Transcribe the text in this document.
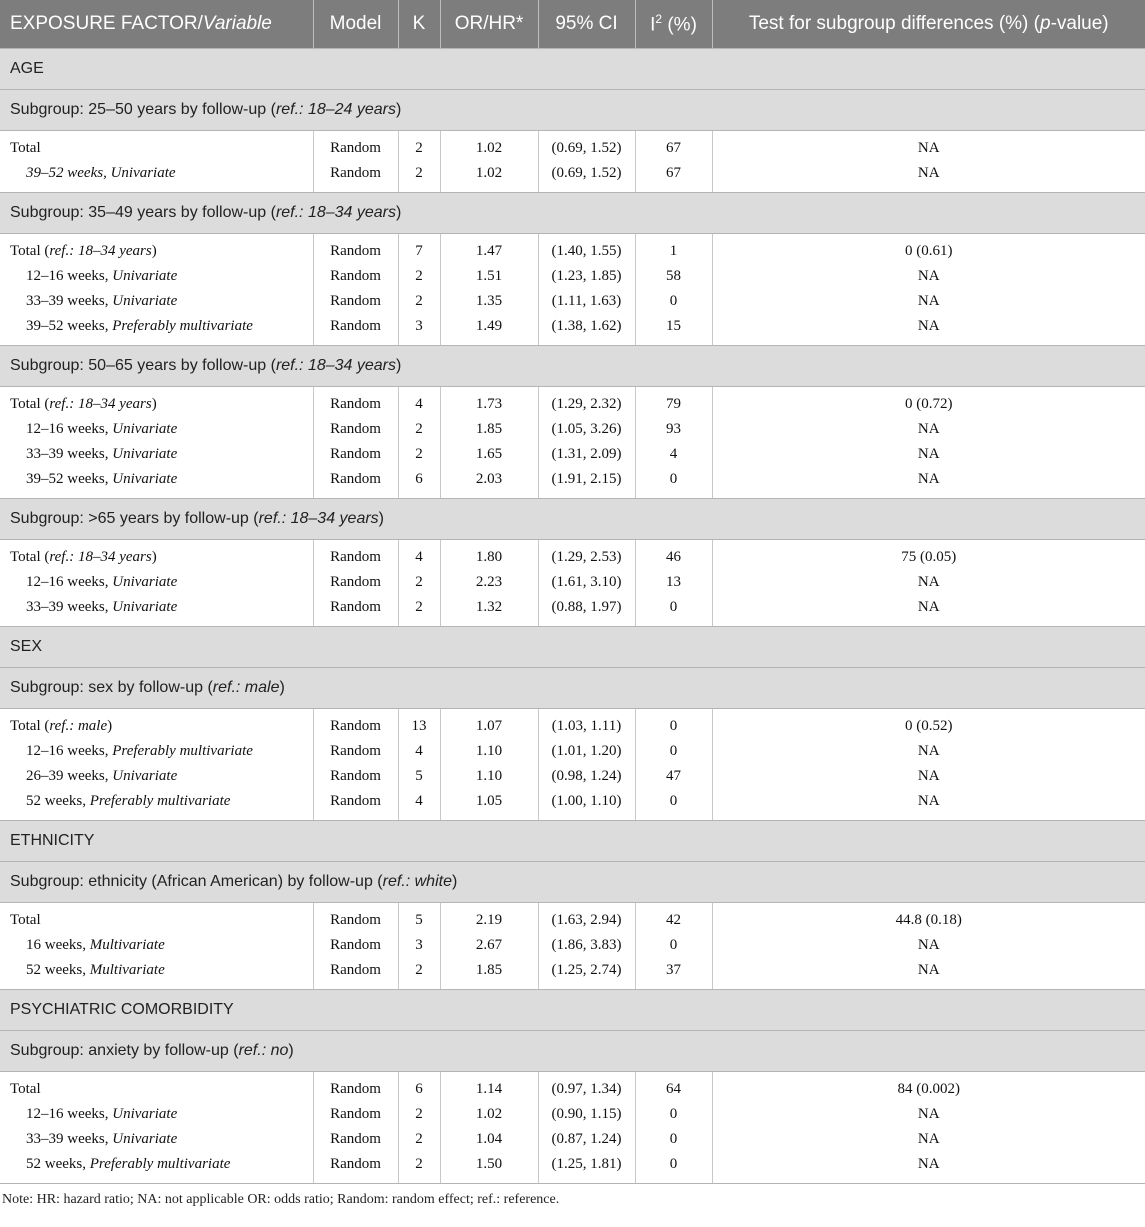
EXPOSURE FACTOR/Variable	Model	K	OR/HR*	95% CI	$I^2$ (%)	Test for subgroup differences (%) (p-value)
AGE						
Subgroup: 25–50 years by follow-up (ref.: 18–24 years)						
Total	Random	2	1.02	(0.69, 1.52)	67	NA
39–52 weeks, Univariate	Random	2	1.02	(0.69, 1.52)	67	NA
Subgroup: 35–49 years by follow-up (ref.: 18–34 years)						
Total (ref.: 18–34 years)	Random	7	1.47	(1.40, 1.55)	1	0 (0.61)
12–16 weeks, Univariate	Random	2	1.51	(1.23, 1.85)	58	NA
33–39 weeks, Univariate	Random	2	1.35	(1.11, 1.63)	0	NA
39–52 weeks, Preferably multivariate	Random	3	1.49	(1.38, 1.62)	15	NA
Subgroup: 50–65 years by follow-up (ref.: 18–34 years)						
Total (ref.: 18–34 years)	Random	4	1.73	(1.29, 2.32)	79	0 (0.72)
12–16 weeks, Univariate	Random	2	1.85	(1.05, 3.26)	93	NA
33–39 weeks, Univariate	Random	2	1.65	(1.31, 2.09)	4	NA
39–52 weeks, Univariate	Random	6	2.03	(1.91, 2.15)	0	NA
Subgroup: >65 years by follow-up (ref.: 18–34 years)						
Total (ref.: 18–34 years)	Random	4	1.80	(1.29, 2.53)	46	75 (0.05)
12–16 weeks, Univariate	Random	2	2.23	(1.61, 3.10)	13	NA
33–39 weeks, Univariate	Random	2	1.32	(0.88, 1.97)	0	NA
SEX						
Subgroup: sex by follow-up (ref.: male)						
Total (ref.: male)	Random	13	1.07	(1.03, 1.11)	0	0 (0.52)
12–16 weeks, Preferably multivariate	Random	4	1.10	(1.01, 1.20)	0	NA
26–39 weeks, Univariate	Random	5	1.10	(0.98, 1.24)	47	NA
52 weeks, Preferably multivariate	Random	4	1.05	(1.00, 1.10)	0	NA
ETHNICITY						
Subgroup: ethnicity (African American) by follow-up (ref.: white)						
Total	Random	5	2.19	(1.63, 2.94)	42	44.8 (0.18)
16 weeks, Multivariate	Random	3	2.67	(1.86, 3.83)	0	NA
52 weeks, Multivariate	Random	2	1.85	(1.25, 2.74)	37	NA
PSYCHIATRIC COMORBIDITY						
Subgroup: anxiety by follow-up (ref.: no)						
Total	Random	6	1.14	(0.97, 1.34)	64	84 (0.002)
12–16 weeks, Univariate	Random	2	1.02	(0.90, 1.15)	0	NA
33–39 weeks, Univariate	Random	2	1.04	(0.87, 1.24)	0	NA
52 weeks, Preferably multivariate	Random	2	1.50	(1.25, 1.81)	0	NA
Note: HR: hazard ratio; NA: not applicable OR: odds ratio; Random: random effect; ref.: reference.
